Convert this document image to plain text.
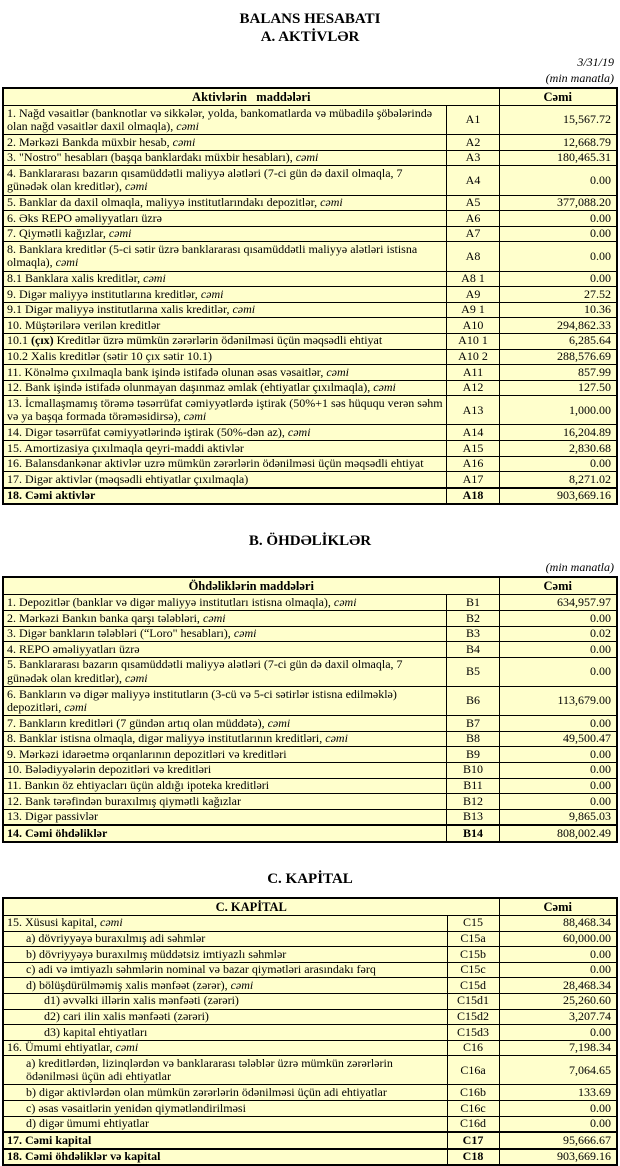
BALANS HESABATI
A. AKTİVLƏR
3/31/19
(min manatla)
Aktivlərin   maddələri		Cəmi
1. Nağd vəsaitlər (banknotlar və sikkələr, yolda, bankomatlarda və mübadilə şöbələrində olan nağd vəsaitlər daxil olmaqla), cəmi	A1	15,567.72
2. Mərkəzi Bankda müxbir hesab, cəmi	A2	12,668.79
3. "Nostro" hesabları (başqa banklardakı müxbir hesabları), cəmi	A3	180,465.31
4. Banklararası bazarın qısamüddətli maliyyə alətləri (7-ci gün də daxil olmaqla, 7 günədək olan kreditlər), cəmi	A4	0.00
5. Banklar da daxil olmaqla, maliyyə institutlarındakı depozitlər, cəmi	A5	377,088.20
6. Əks REPO əməliyyatları üzrə	A6	0.00
7. Qiymətli kağızlar, cəmi	A7	0.00
8. Banklara kreditlər (5-ci sətir üzrə banklararası qısamüddətli maliyyə alətləri istisna olmaqla), cəmi	A8	0.00
8.1 Banklara xalis kreditlər, cəmi	A8 1	0.00
9. Digər maliyyə institutlarına kreditlər, cəmi	A9	27.52
9.1 Digər maliyyə institutlarına xalis kreditlər, cəmi	A9 1	10.36
10. Müştərilərə verilən kreditlər	A10	294,862.33
10.1 (çıx) Kreditlər üzrə mümkün zərərlərin ödənilməsi üçün məqsədli ehtiyat	A10 1	6,285.64
10.2 Xalis kreditlər (sətir 10 çıx sətir 10.1)	A10 2	288,576.69
11. Könəlmə çıxılmaqla bank işində istifadə olunan əsas vəsaitlər, cəmi	A11	857.99
12. Bank işində istifadə olunmayan daşınmaz əmlak (ehtiyatlar çıxılmaqla), cəmi	A12	127.50
13. İcmallaşmamış törəmə təsərrüfat cəmiyyətlərdə iştirak (50%+1 səs hüququ verən səhm və ya başqa formada törəməsidirsə), cəmi	A13	1,000.00
14. Digər təsərrüfat cəmiyyətlərində iştirak (50%-dən az), cəmi	A14	16,204.89
15. Amortizasiya çıxılmaqla qeyri-maddi aktivlər	A15	2,830.68
16. Balansdankənar aktivlər uzrə mümkün zərərlərin ödənilməsi üçün məqsədli ehtiyat	A16	0.00
17. Digər aktivlər (məqsədli ehtiyatlar çıxılmaqla)	A17	8,271.02
18. Cəmi aktivlər	A18	903,669.16
B. ÖHDƏLİKLƏR
(min manatla)
Öhdəliklərin maddələri		Cəmi
1. Depozitlər (banklar və digər maliyyə institutları istisna olmaqla), cəmi	B1	634,957.97
2. Mərkəzi Bankın banka qarşı tələbləri, cəmi	B2	0.00
3. Digər bankların tələbləri (“Loro" hesabları), cəmi	B3	0.02
4. REPO əməliyyatları üzrə	B4	0.00
5. Banklararası bazarın qısamüddətli maliyyə alətləri (7-ci gün də daxil olmaqla, 7 günədək olan kreditlər), cəmi	B5	0.00
6. Bankların və digər maliyyə institutların (3-cü və 5-ci sətirlər istisna edilməklə) depozitləri, cəmi	B6	113,679.00
7. Bankların kreditləri (7 gündən artıq olan müddətə), cəmi	B7	0.00
8. Banklar istisna olmaqla, digər maliyyə institutlarının kreditləri, cəmi	B8	49,500.47
9. Mərkəzi idarəetmə orqanlarının depozitləri və kreditləri	B9	0.00
10. Bələdiyyələrin depozitləri və kreditləri	B10	0.00
11. Bankın öz ehtiyacları üçün aldığı ipoteka kreditləri	B11	0.00
12. Bank tərəfindən buraxılmış qiymətli kağızlar	B12	0.00
13. Digər passivlər	B13	9,865.03
14. Cəmi öhdəliklər	B14	808,002.49
C. KAPİTAL
C. KAPİTAL		Cəmi
15. Xüsusi kapital, cəmi	C15	88,468.34
a) dövriyyəyə buraxılmış adi səhmlər	C15a	60,000.00
b) dövriyyəyə buraxılmış müddətsiz imtiyazlı səhmlər	C15b	0.00
c) adi və imtiyazlı səhmlərin nominal və bazar qiymətləri arasındakı fərq	C15c	0.00
d) bölüşdürülməmiş xalis mənfəət (zərər), cəmi	C15d	28,468.34
d1) əvvəlki illərin xalis mənfəəti (zərəri)	C15d1	25,260.60
d2) cari ilin xalis mənfəəti (zərəri)	C15d2	3,207.74
d3) kapital ehtiyatları	C15d3	0.00
16. Ümumi ehtiyatlar, cəmi	C16	7,198.34
a) kreditlərdən, lizinqlərdən və banklararası tələblər üzrə mümkün zərərlərin ödənilməsi üçün adi ehtiyatlar	C16a	7,064.65
b) digər aktivlərdən olan mümkün zərərlərin ödənilməsi üçün adi ehtiyatlar	C16b	133.69
c) əsas vəsaitlərin yenidən qiymətləndirilməsi	C16c	0.00
d) digər ümumi ehtiyatlar	C16d	0.00
17. Cəmi kapital	C17	95,666.67
18. Cəmi öhdəliklər və kapital	C18	903,669.16
